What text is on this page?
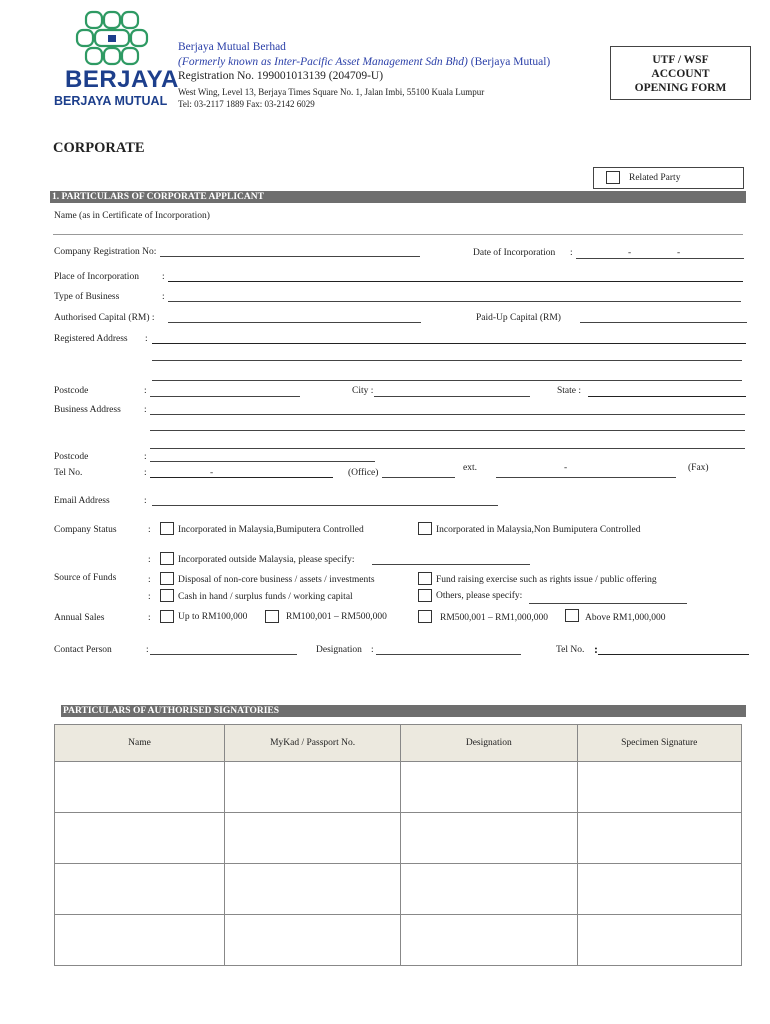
BERJAYA
BERJAYA MUTUAL
Berjaya Mutual Berhad
(Formerly known as Inter-Pacific Asset Management Sdn Bhd) (Berjaya Mutual)
Registration No. 199001013139 (204709-U)
West Wing, Level 13, Berjaya Times Square No. 1, Jalan Imbi, 55100 Kuala Lumpur
Tel: 03-2117 1889 Fax: 03-2142 6029
UTF / WSF
ACCOUNT
OPENING FORM
CORPORATE
Related Party
1. PARTICULARS OF CORPORATE APPLICANT
Name (as in Certificate of Incorporation)
Company Registration No:	Date of Incorporation :	-	-
Place of Incorporation :
Type of Business	:
Authorised Capital (RM) :	Paid-Up Capital (RM)
Registered Address :
Postcode	:	City :	State :
Business Address :
Postcode	:
Tel No.	:	-	(Office)	ext.	-	(Fax)
Email Address	:
Company Status	:	Incorporated in Malaysia,Bumiputera Controlled	Incorporated in Malaysia,Non Bumiputera Controlled
:	Incorporated outside Malaysia, please specify:
Source of Funds	:	Disposal of non-core business / assets / investments	Fund raising exercise such as rights issue / public offering
:	Cash in hand / surplus funds / working capital	Others, please specify:
Annual Sales	:	Up to RM100,000	RM100,001 – RM500,000	RM500,001 – RM1,000,000	Above RM1,000,000
Contact Person	:	Designation :	Tel No. :
PARTICULARS OF AUTHORISED SIGNATORIES
Name	MyKad / Passport No.	Designation	Specimen Signature
